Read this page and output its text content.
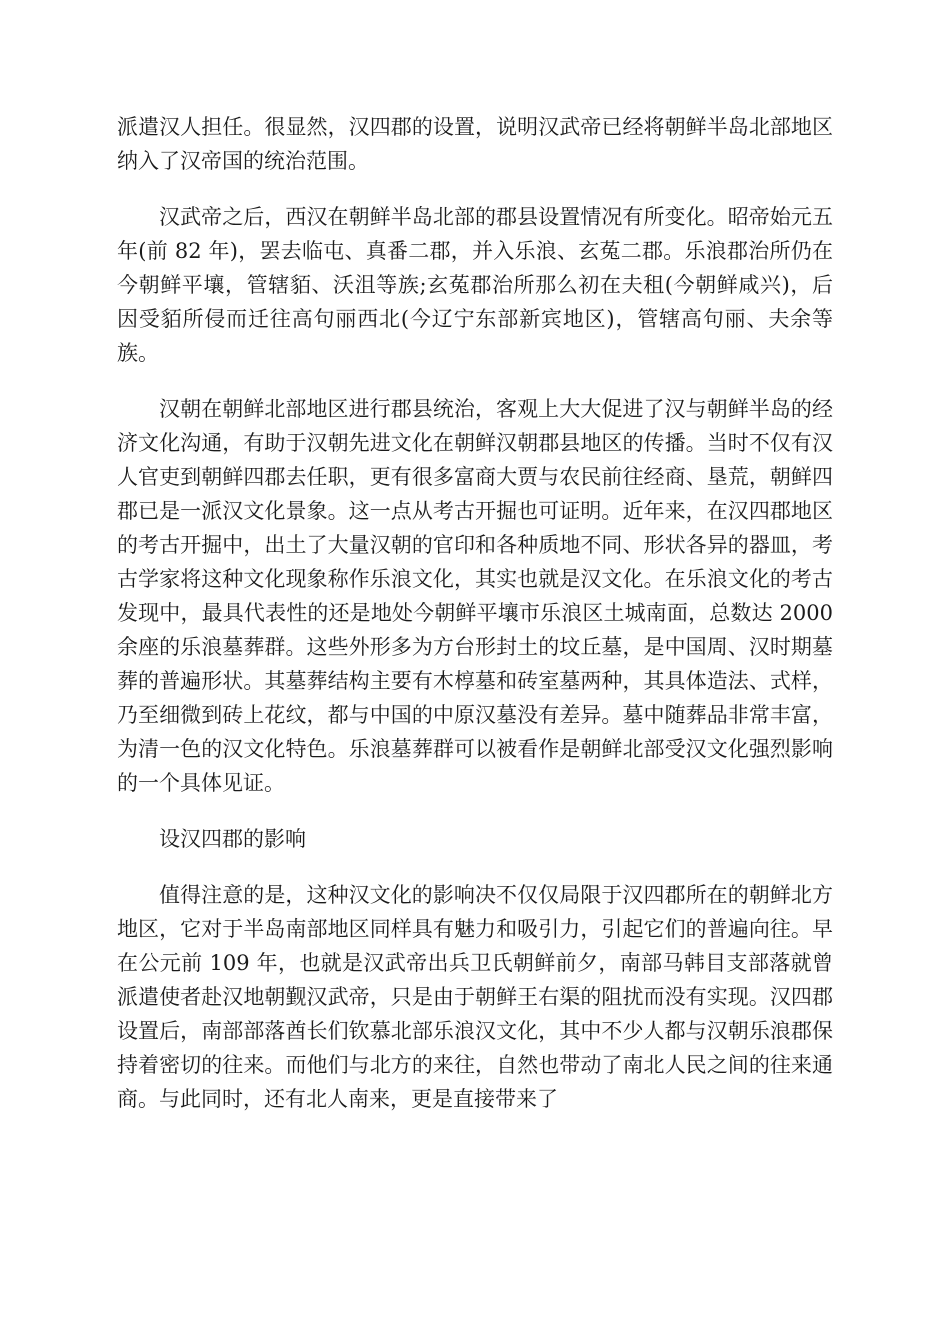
派遣汉人担任。很显然，汉四郡的设置，说明汉武帝已经将朝鲜半岛北部地区纳入了汉帝国的统治范围。

汉武帝之后，西汉在朝鲜半岛北部的郡县设置情况有所变化。昭帝始元五年(前 82 年)，罢去临屯、真番二郡，并入乐浪、玄菟二郡。乐浪郡治所仍在今朝鲜平壤，管辖貊、沃沮等族;玄菟郡治所那么初在夫租(今朝鲜咸兴)，后因受貊所侵而迁往高句丽西北(今辽宁东部新宾地区)，管辖高句丽、夫余等族。

汉朝在朝鲜北部地区进行郡县统治，客观上大大促进了汉与朝鲜半岛的经济文化沟通，有助于汉朝先进文化在朝鲜汉朝郡县地区的传播。当时不仅有汉人官吏到朝鲜四郡去任职，更有很多富商大贾与农民前往经商、垦荒，朝鲜四郡已是一派汉文化景象。这一点从考古开掘也可证明。近年来，在汉四郡地区的考古开掘中，出土了大量汉朝的官印和各种质地不同、形状各异的器皿，考古学家将这种文化现象称作乐浪文化，其实也就是汉文化。在乐浪文化的考古发现中，最具代表性的还是地处今朝鲜平壤市乐浪区土城南面，总数达 2000 余座的乐浪墓葬群。这些外形多为方台形封土的坟丘墓，是中国周、汉时期墓葬的普遍形状。其墓葬结构主要有木椁墓和砖室墓两种，其具体造法、式样，乃至细微到砖上花纹，都与中国的中原汉墓没有差异。墓中随葬品非常丰富，为清一色的汉文化特色。乐浪墓葬群可以被看作是朝鲜北部受汉文化强烈影响的一个具体见证。

设汉四郡的影响

值得注意的是，这种汉文化的影响决不仅仅局限于汉四郡所在的朝鲜北方地区，它对于半岛南部地区同样具有魅力和吸引力，引起它们的普遍向往。早在公元前 109 年，也就是汉武帝出兵卫氏朝鲜前夕，南部马韩目支部落就曾派遣使者赴汉地朝觐汉武帝，只是由于朝鲜王右渠的阻扰而没有实现。汉四郡设置后，南部部落酋长们钦慕北部乐浪汉文化，其中不少人都与汉朝乐浪郡保持着密切的往来。而他们与北方的来往，自然也带动了南北人民之间的往来通商。与此同时，还有北人南来，更是直接带来了
